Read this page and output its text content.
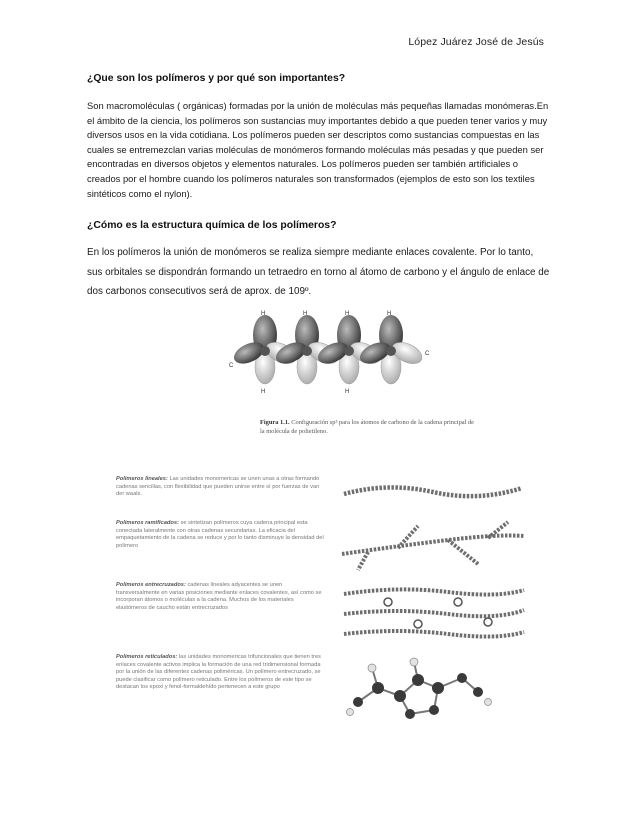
López Juárez José de Jesús
¿Que son los polímeros y por qué son importantes?
Son macromoléculas ( orgánicas) formadas por la unión de moléculas más pequeñas llamadas monómeras.En el ámbito de la ciencia, los polímeros son sustancias muy importantes debido a que pueden tener varios y muy diversos usos en la vida cotidiana. Los polímeros pueden ser descriptos como sustancias compuestas en las cuales se entremezclan varias moléculas de monómeros formando moléculas más pesadas y que pueden ser encontradas en diversos objetos y elementos naturales. Los polímeros pueden ser también artificiales o creados por el hombre cuando los polímeros naturales son transformados (ejemplos de esto son los textiles sintéticos como el nylon).
¿Cómo es la estructura química de los polímeros?
En los polímeros la unión de monómeros se realiza siempre mediante enlaces covalente. Por lo tanto, sus orbitales se dispondrán formando un tetraedro en torno al átomo de carbono y el ángulo de enlace de dos carbonos consecutivos será de aprox. de 109º.
H	H	H	H
C
C
H	H
Figura 1.1. Configuración sp³ para los átomos de carbono de la cadena principal de la molécula de polietileno.
Polímeros lineales: Las unidades monomericas se unen unas a otras formando cadenas sencillas, con flexibilidad que pueden unirse entre sí por fuerzas de van der waals.
Polímeros ramificados: se sintetizan polímeros cuya cadena principal esta conectada lateralmente con otras cadenas secundarias. La eficacia del empaquetamiento de la cadena se reduce y por lo tanto disminuye la densidad del polímero
Polímeros entrecruzados: cadenas lineales adyacentes se unen transversalmente en varias posiciones mediante enlaces covalentes, así como se incorporan átomos o moléculas a la cadena. Muchos de los materiales elastómeros de caucho están entrecruzados
Polímeros reticulados: las unidades monomericas trifuncionales que tienen tres enlaces covalente activos implica la formación de una red tridimensional formada por la unión de las diferentes cadenas poliméricas. Un polímero entrecruzado, se puede clasificar como polímero reticulado. Entre los polímeros de este tipo se destacan los epoxi y fenol-formaldehído pertenecen a este grupo
